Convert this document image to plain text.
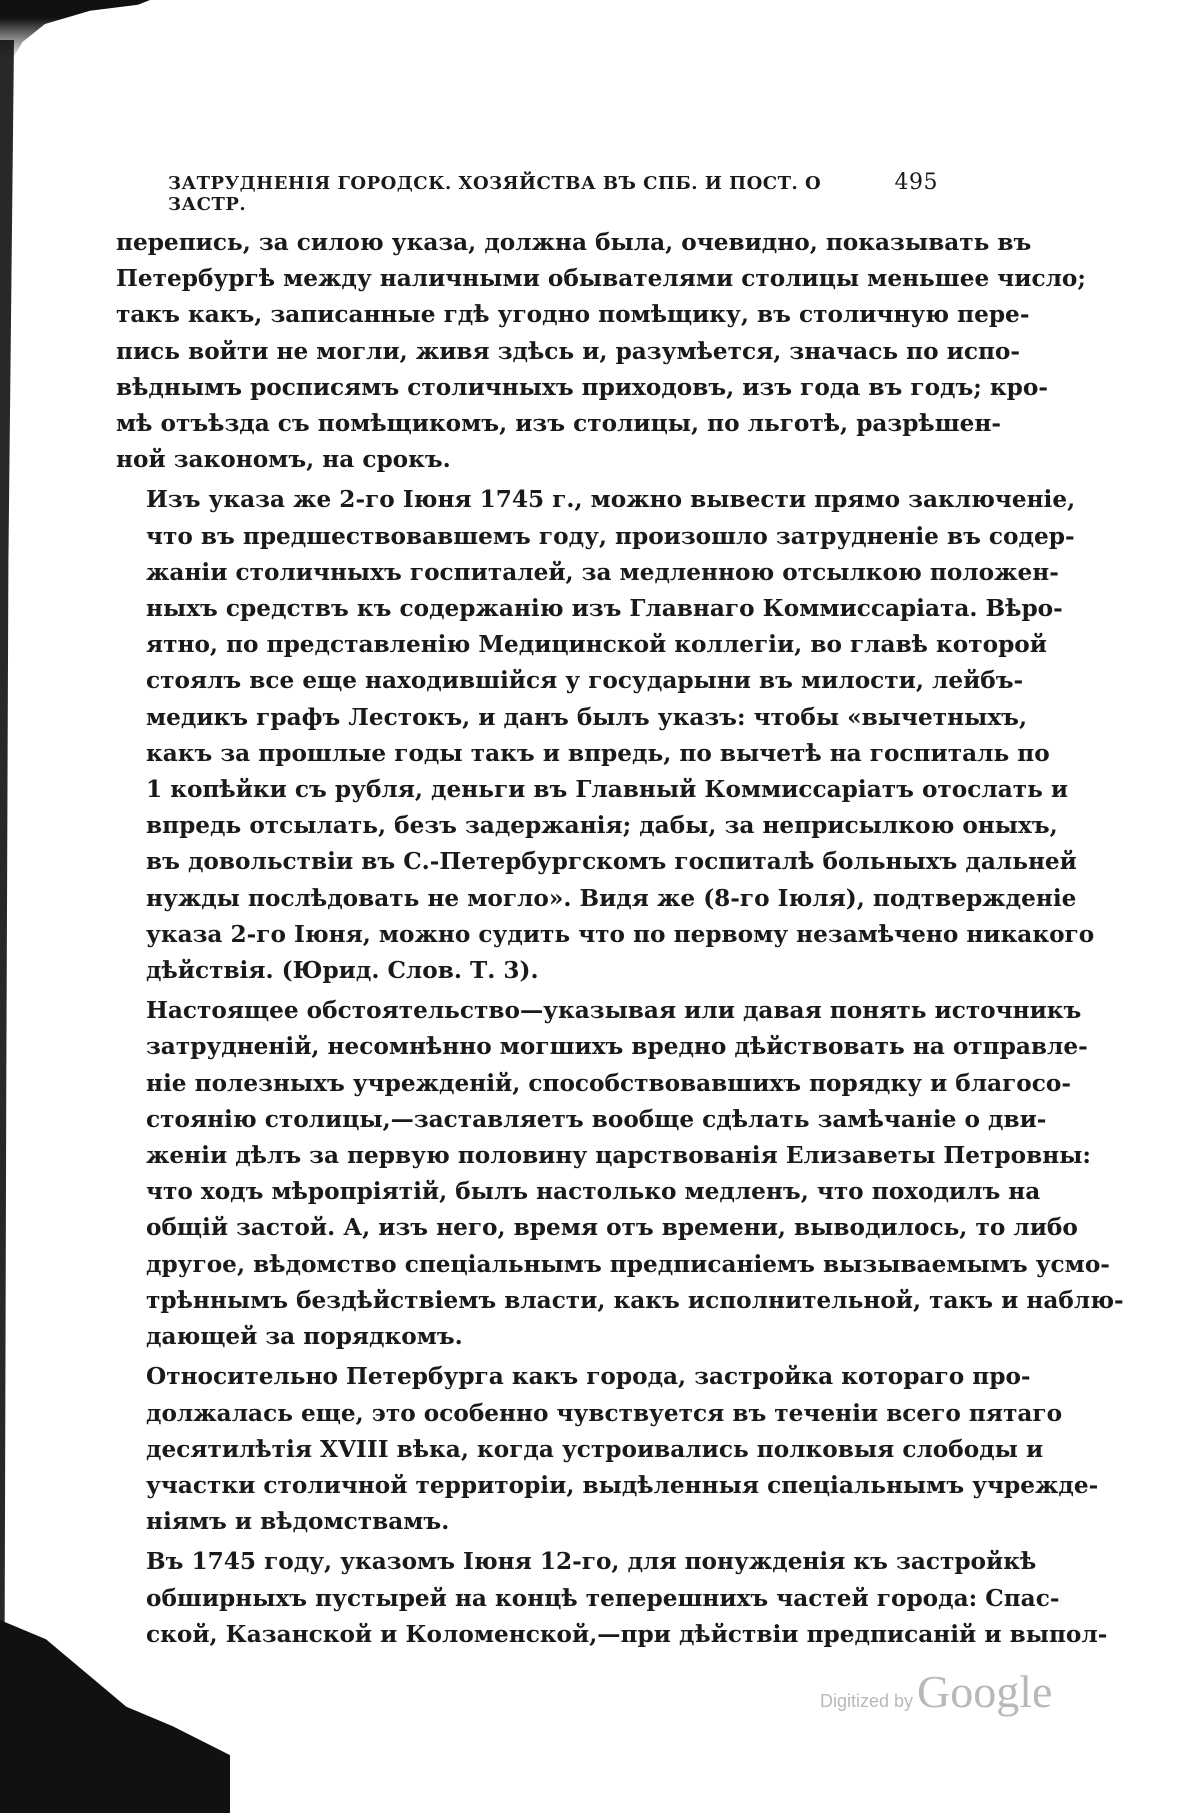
ЗАТРУДНЕНІЯ ГОРОДСК. ХОЗЯЙСТВА ВЪ СПБ. И ПОСТ. О ЗАСТР.
495
перепись, за силою указа, должна была, очевидно, показывать въ
Петербургѣ между наличными обывателями столицы меньшее число;
такъ какъ, записанные гдѣ угодно помѣщику, въ столичную пере-
пись войти не могли, живя здѣсь и, разумѣется, значась по испо-
вѣднымъ росписямъ столичныхъ приходовъ, изъ года въ годъ; кро-
мѣ отъѣзда съ помѣщикомъ, изъ столицы, по льготѣ, разрѣшен-
ной закономъ, на срокъ.
Изъ указа же 2-го Іюня 1745 г., можно вывести прямо заключеніе,
что въ предшествовавшемъ году, произошло затрудненіе въ содер-
жаніи столичныхъ госпиталей, за медленною отсылкою положен-
ныхъ средствъ къ содержанію изъ Главнаго Коммиссаріата. Вѣро-
ятно, по представленію Медицинской коллегіи, во главѣ которой
стоялъ все еще находившійся у государыни въ милости, лейбъ-
медикъ графъ Лестокъ, и данъ былъ указъ: чтобы «вычетныхъ,
какъ за прошлые годы такъ и впредь, по вычетѣ на госпиталь по
1 копѣйки съ рубля, деньги въ Главный Коммиссаріатъ отослать и
впредь отсылать, безъ задержанія; дабы, за неприсылкою оныхъ,
въ довольствіи въ С.-Петербургскомъ госпиталѣ больныхъ дальней
нужды послѣдовать не могло». Видя же (8-го Іюля), подтвержденіе
указа 2-го Іюня, можно судить что по первому незамѣчено никакого
дѣйствія. (Юрид. Слов. Т. 3).
Настоящее обстоятельство—указывая или давая понять источникъ
затрудненій, несомнѣнно могшихъ вредно дѣйствовать на отправле-
ніе полезныхъ учрежденій, способствовавшихъ порядку и благосо-
стоянію столицы,—заставляетъ вообще сдѣлать замѣчаніе о дви-
женіи дѣлъ за первую половину царствованія Елизаветы Петровны:
что ходъ мѣропріятій, былъ настолько медленъ, что походилъ на
общій застой. А, изъ него, время отъ времени, выводилось, то либо
другое, вѣдомство спеціальнымъ предписаніемъ вызываемымъ усмо-
трѣннымъ бездѣйствіемъ власти, какъ исполнительной, такъ и наблю-
дающей за порядкомъ.
Относительно Петербурга какъ города, застройка котораго про-
должалась еще, это особенно чувствуется въ теченіи всего пятаго
десятилѣтія XVIII вѣка, когда устроивались полковыя слободы и
участки столичной территоріи, выдѣленныя спеціальнымъ учрежде-
ніямъ и вѣдомствамъ.
Въ 1745 году, указомъ Іюня 12-го, для понужденія къ застройкѣ
обширныхъ пустырей на концѣ теперешнихъ частей города: Спас-
ской, Казанской и Коломенской,—при дѣйствіи предписаній и выпол-
Digitized by Google
